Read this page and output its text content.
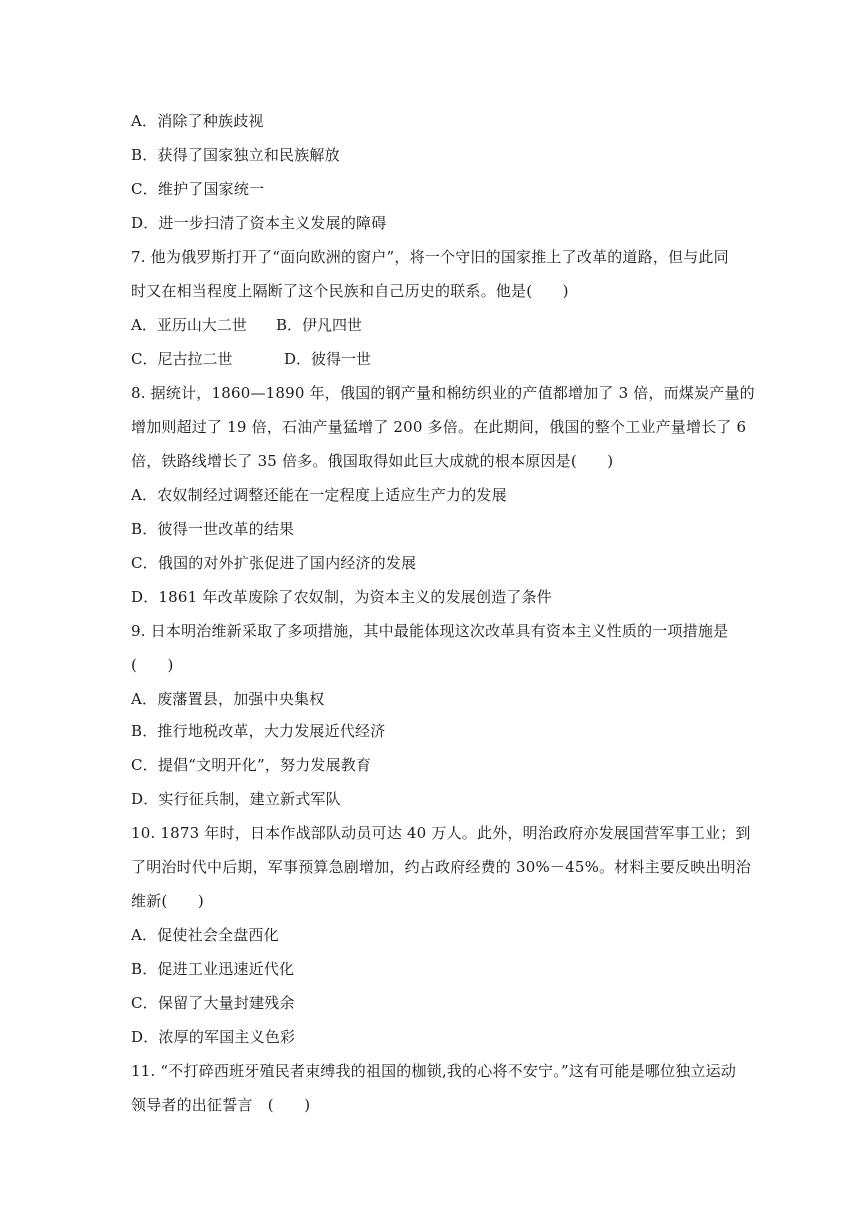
A．消除了种族歧视
B．获得了国家独立和民族解放
C．维护了国家统一
D．进一步扫清了资本主义发展的障碍
7. 他为俄罗斯打开了“面向欧洲的窗户”，将一个守旧的国家推上了改革的道路，但与此同
时又在相当程度上隔断了这个民族和自己历史的联系。他是(　　)
A．亚历山大二世 B．伊凡四世
C．尼古拉二世	D．彼得一世
8. 据统计，1860—1890 年，俄国的钢产量和棉纺织业的产值都增加了 3 倍，而煤炭产量的
增加则超过了 19 倍，石油产量猛增了 200 多倍。在此期间，俄国的整个工业产量增长了 6
倍，铁路线增长了 35 倍多。俄国取得如此巨大成就的根本原因是(　　)
A．农奴制经过调整还能在一定程度上适应生产力的发展
B．彼得一世改革的结果
C．俄国的对外扩张促进了国内经济的发展
D．1861 年改革废除了农奴制，为资本主义的发展创造了条件
9. 日本明治维新采取了多项措施，其中最能体现这次改革具有资本主义性质的一项措施是
(　　)
B．推行地税改革，大力发展近代经济
A．废藩置县，加强中央集权
C．提倡“文明开化”，努力发展教育
D．实行征兵制，建立新式军队
10. 1873 年时，日本作战部队动员可达 40 万人。此外，明治政府亦发展国营军事工业；到
了明治时代中后期，军事预算急剧增加，约占政府经费的 30%－45%。材料主要反映出明治
维新(　　)
A．促使社会全盘西化
B．促进工业迅速近代化
C．保留了大量封建残余
D．浓厚的军国主义色彩
11. “不打碎西班牙殖民者束缚我的祖国的枷锁,我的心将不安宁。”这有可能是哪位独立运动
领导者的出征誓言　(　　)
